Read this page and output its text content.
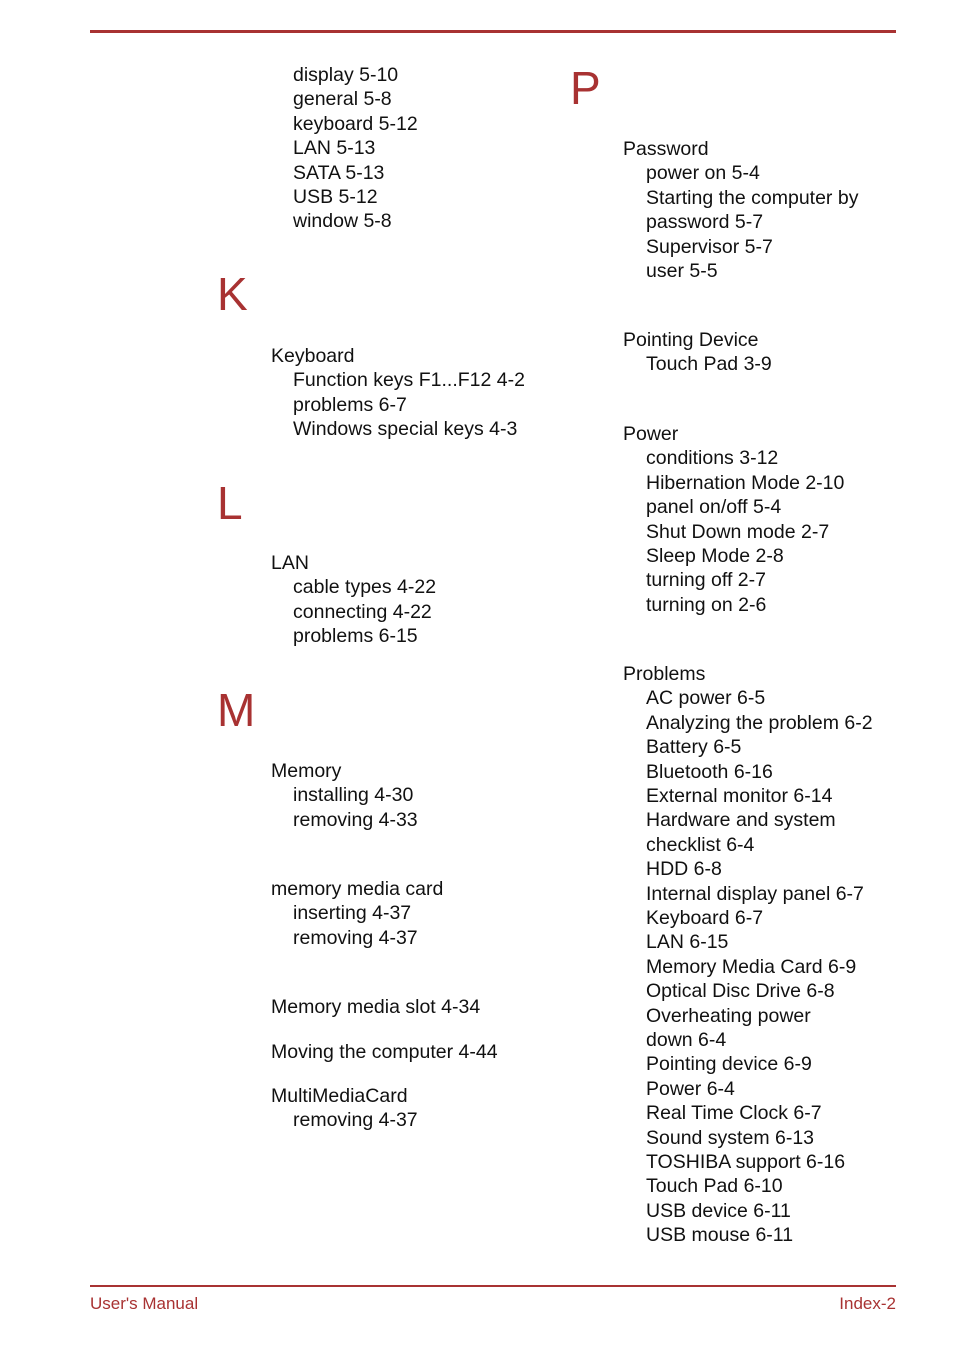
display 5-10
general 5-8
keyboard 5-12
LAN 5-13
SATA 5-13
USB 5-12
window 5-8
K
Keyboard
Function keys F1...F12 4-2
problems 6-7
Windows special keys 4-3
L
LAN
cable types 4-22
connecting 4-22
problems 6-15
M
Memory
installing 4-30
removing 4-33
memory media card
inserting 4-37
removing 4-37
Memory media slot 4-34
Moving the computer 4-44
MultiMediaCard
removing 4-37
P
Password
power on 5-4
Starting the computer by
password 5-7
Supervisor 5-7
user 5-5
Pointing Device
Touch Pad 3-9
Power
conditions 3-12
Hibernation Mode 2-10
panel on/off 5-4
Shut Down mode 2-7
Sleep Mode 2-8
turning off 2-7
turning on 2-6
Problems
AC power 6-5
Analyzing the problem 6-2
Battery 6-5
Bluetooth 6-16
External monitor 6-14
Hardware and system
checklist 6-4
HDD 6-8
Internal display panel 6-7
Keyboard 6-7
LAN 6-15
Memory Media Card 6-9
Optical Disc Drive 6-8
Overheating power
down 6-4
Pointing device 6-9
Power 6-4
Real Time Clock 6-7
Sound system 6-13
TOSHIBA support 6-16
Touch Pad 6-10
USB device 6-11
USB mouse 6-11
User's Manual	Index-2
